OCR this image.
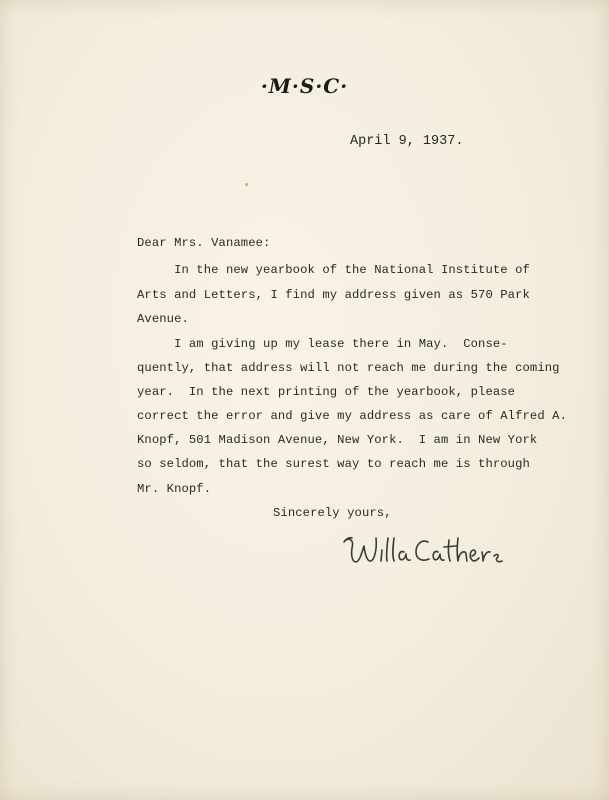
·M·S·C·
April 9, 1937.
Dear Mrs. Vanamee:
In the new yearbook of the National Institute of
Arts and Letters, I find my address given as 570 Park
Avenue.
I am giving up my lease there in May.  Conse-
quently, that address will not reach me during the coming
year.  In the next printing of the yearbook, please
correct the error and give my address as care of Alfred A.
Knopf, 501 Madison Avenue, New York.  I am in New York
so seldom, that the surest way to reach me is through
Mr. Knopf.
Sincerely yours,
